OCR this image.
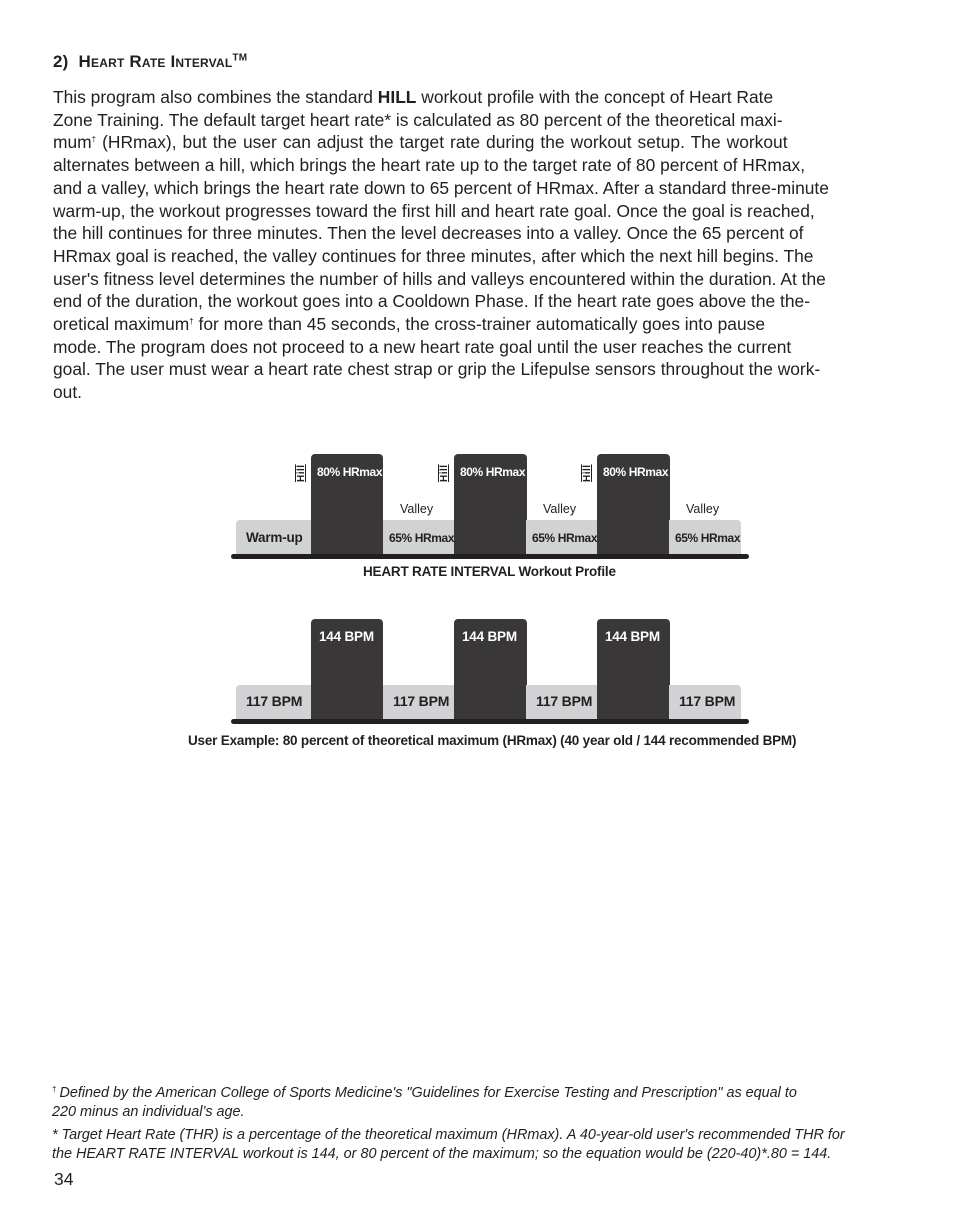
2) Heart Rate Interval™
This program also combines the standard HILL workout profile with the concept of Heart Rate
Zone Training. The default target heart rate* is calculated as 80 percent of the theoretical maxi-
mum† (HRmax), but the user can adjust the target rate during the workout setup. The workout
alternates between a hill, which brings the heart rate up to the target rate of 80 percent of HRmax,
and a valley, which brings the heart rate down to 65 percent of HRmax. After a standard three-minute
warm-up, the workout progresses toward the first hill and heart rate goal. Once the goal is reached,
the hill continues for three minutes. Then the level decreases into a valley. Once the 65 percent of
HRmax goal is reached, the valley continues for three minutes, after which the next hill begins. The
user's fitness level determines the number of hills and valleys encountered within the duration. At the
end of the duration, the workout goes into a Cooldown Phase. If the heart rate goes above the the-
oretical maximum† for more than 45 seconds, the cross-trainer automatically goes into pause
mode. The program does not proceed to a new heart rate goal until the user reaches the current
goal. The user must wear a heart rate chest strap or grip the Lifepulse sensors throughout the work-
out.
Warm-up
80% HRmax
65% HRmax
80% HRmax
65% HRmax
80% HRmax
65% HRmax
Hill	Hill	Hill
Valley	Valley	Valley
HEART RATE INTERVAL Workout Profile
117 BPM
144 BPM
117 BPM
144 BPM
117 BPM
144 BPM
117 BPM
User Example: 80 percent of theoretical maximum (HRmax) (40 year old / 144 recommended BPM)
† Defined by the American College of Sports Medicine's "Guidelines for Exercise Testing and Prescription" as equal to
220 minus an individual’s age.
* Target Heart Rate (THR) is a percentage of the theoretical maximum (HRmax). A 40-year-old user's recommended THR for
the HEART RATE INTERVAL workout is 144, or 80 percent of the maximum; so the equation would be (220-40)*.80 = 144.
34
